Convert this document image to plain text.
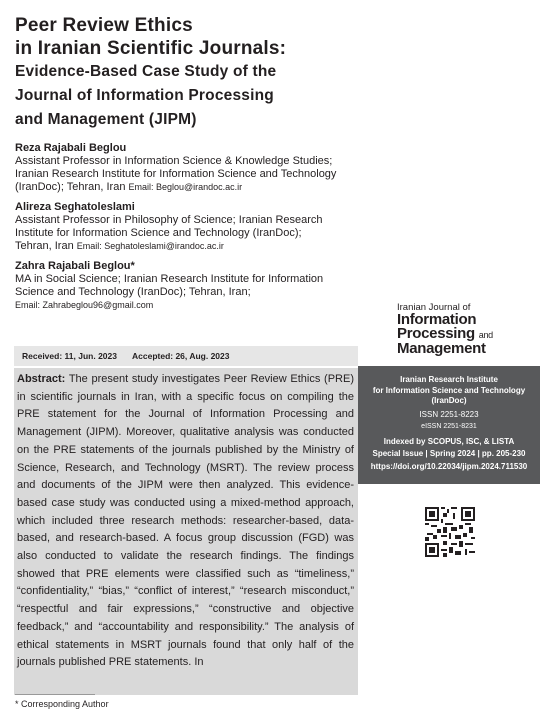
Peer Review Ethics
in Iranian Scientific Journals:
Evidence-Based Case Study of the
Journal of Information Processing
and Management (JIPM)
Reza Rajabali Beglou
Assistant Professor in Information Science & Knowledge Studies;
Iranian Research Institute for Information Science and Technology
(IranDoc); Tehran, Iran Email: Beglou@irandoc.ac.ir
Alireza Seghatoleslami
Assistant Professor in Philosophy of Science; Iranian Research
Institute for Information Science and Technology (IranDoc);
Tehran, Iran Email: Seghatoleslami@irandoc.ac.ir
Zahra Rajabali Beglou*
MA in Social Science; Iranian Research Institute for Information
Science and Technology (IranDoc); Tehran, Iran;
Email: Zahrabeglou96@gmail.com	Iranian Journal of
Information
Processing and
Management
Received: 11, Jun. 2023 Accepted: 26, Aug. 2023
Abstract: The present study investigates Peer Review Ethics (PRE) in scientific journals in Iran, with a specific focus on compiling the PRE statement for the Journal of Information Processing and Management (JIPM). Moreover, qualitative analysis was conducted on the PRE statements of the journals published by the Ministry of Science, Research, and Technology (MSRT). The review process and documents of the JIPM were then analyzed. This evidence-based case study was conducted using a mixed-method approach, which included three research methods: researcher-based, data-based, and research-based. A focus group discussion (FGD) was also conducted to validate the research findings. The findings showed that PRE elements were classified such as “timeliness,” “confidentiality,” “bias,” “conflict of interest,” “research misconduct,” “respectful and fair expressions,” “constructive and objective feedback,” and “accountability and responsibility.” The analysis of ethical statements in MSRT journals found that only half of the journals published PRE statements. In
Iranian Research Institute
for Information Science and Technology
(IranDoc)
ISSN 2251-8223
eISSN 2251-8231
Indexed by SCOPUS, ISC, & LISTA
Special Issue | Spring 2024 | pp. 205-230
https://doi.org/10.22034/jipm.2024.711530
* Corresponding Author
